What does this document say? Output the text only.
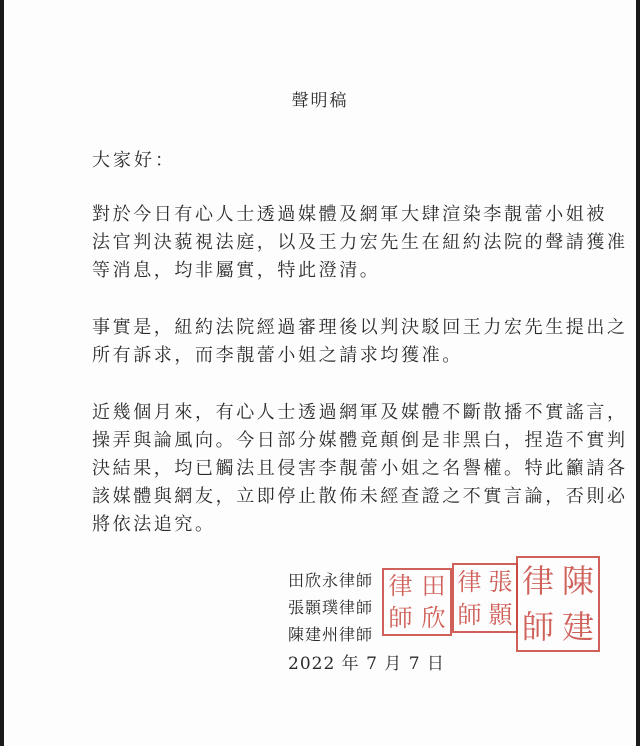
聲明稿
大家好：
對於今日有心人士透過媒體及網軍大肆渲染李靚蕾小姐被
法官判決藐視法庭，以及王力宏先生在紐約法院的聲請獲准
等消息，均非屬實，特此澄清。
事實是，紐約法院經過審理後以判決駁回王力宏先生提出之
所有訴求，而李靚蕾小姐之請求均獲准。
近幾個月來，有心人士透過網軍及媒體不斷散播不實謠言，
操弄與論風向。今日部分媒體竟顛倒是非黑白，捏造不實判
決結果，均已觸法且侵害李靚蕾小姐之名譽權。特此籲請各
該媒體與網友，立即停止散佈未經查證之不實言論，否則必
將依法追究。
田欣永律師
張顥璞律師
陳建州律師
2022 年 7 月 7 日
律 田
師 欣
律 張
師 顥
律 陳
師 建
